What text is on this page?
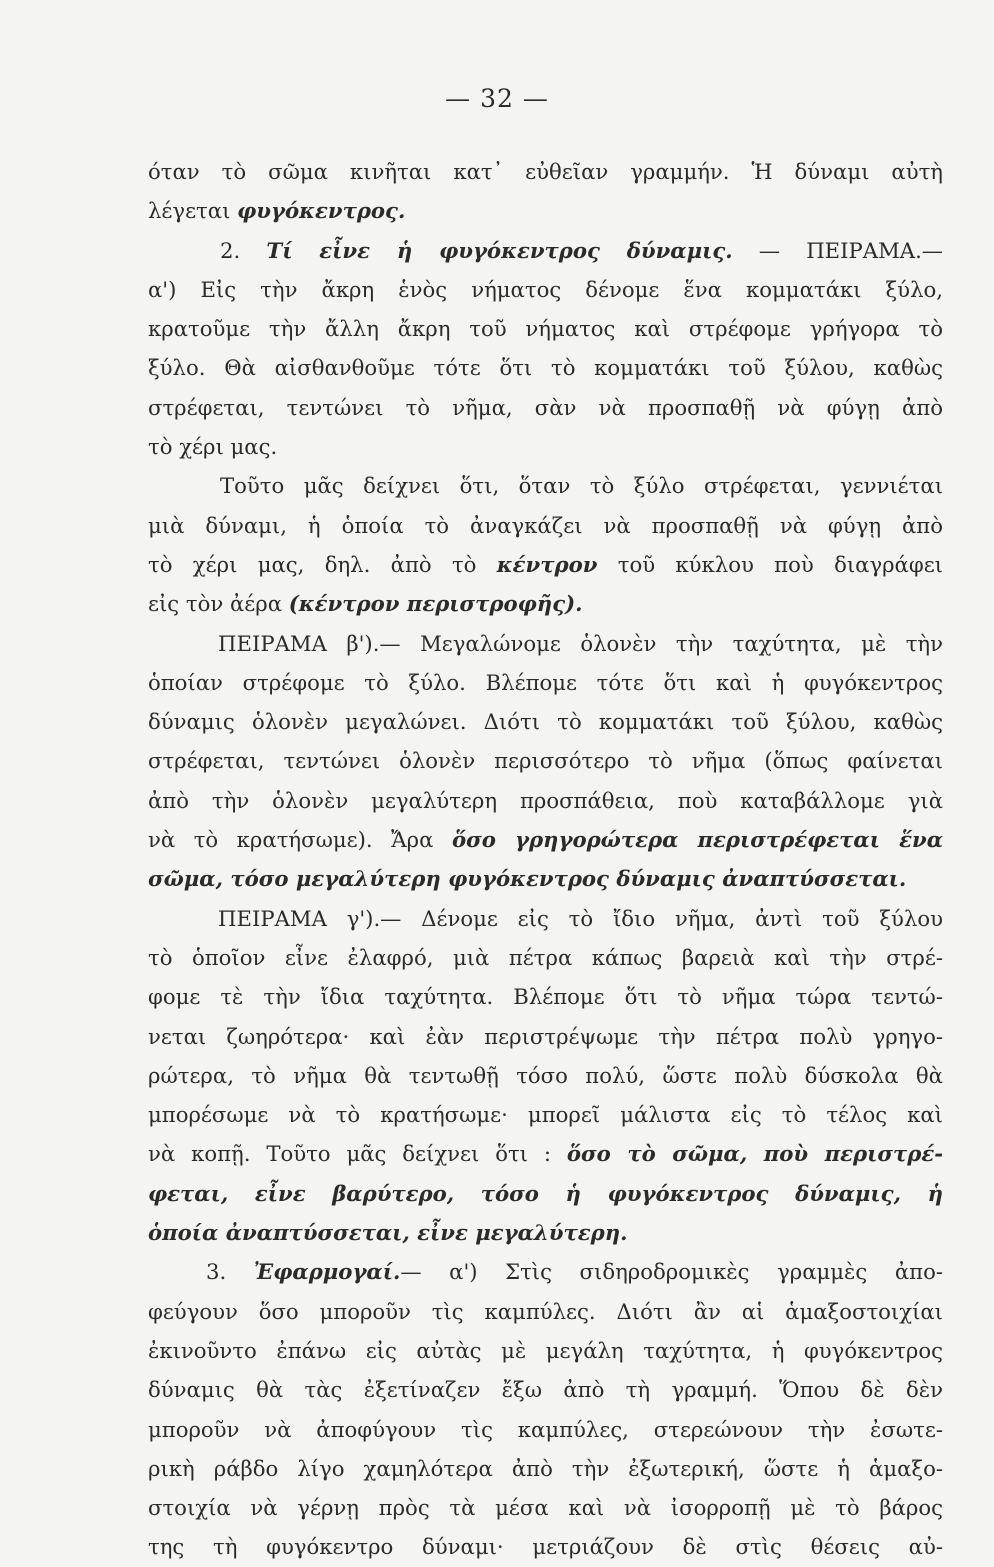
— 32 —
όταν τὸ σῶμα κινῆται κατ᾽ εὐθεῖαν γραμμήν. Ἡ δύναμι αὐτὴ
λέγεται φυγόκεντρος.
2. Τί εἶνε ἡ φυγόκεντρος δύναμις. — ΠΕΙΡΑΜΑ.—
α') Εἰς τὴν ἄκρη ἑνὸς νήματος δένομε ἕνα κομματάκι ξύλο,
κρατοῦμε τὴν ἄλλη ἄκρη τοῦ νήματος καὶ στρέφομε γρήγορα τὸ
ξύλο. Θὰ αἰσθανθοῦμε τότε ὅτι τὸ κομματάκι τοῦ ξύλου, καθὼς
στρέφεται, τεντώνει τὸ νῆμα, σὰν νὰ προσπαθῇ νὰ φύγῃ ἀπὸ
τὸ χέρι μας.
Τοῦτο μᾶς δείχνει ὅτι, ὅταν τὸ ξύλο στρέφεται, γεννιέται
μιὰ δύναμι, ἡ ὁποία τὸ ἀναγκάζει νὰ προσπαθῇ νὰ φύγῃ ἀπὸ
τὸ χέρι μας, δηλ. ἀπὸ τὸ κέντρον τοῦ κύκλου ποὺ διαγράφει
εἰς τὸν ἀέρα (κέντρον περιστροφῆς).
ΠΕΙΡΑΜΑ β').— Μεγαλώνομε ὁλονὲν τὴν ταχύτητα, μὲ τὴν
ὁποίαν στρέφομε τὸ ξύλο. Βλέπομε τότε ὅτι καὶ ἡ φυγόκεντρος
δύναμις ὁλονὲν μεγαλώνει. Διότι τὸ κομματάκι τοῦ ξύλου, καθὼς
στρέφεται, τεντώνει ὁλονὲν περισσότερο τὸ νῆμα (ὅπως φαίνεται
ἀπὸ τὴν ὁλονὲν μεγαλύτερη προσπάθεια, ποὺ καταβάλλομε γιὰ
νὰ τὸ κρατήσωμε). Ἄρα ὅσο γρηγορώτερα περιστρέφεται ἕνα
σῶμα, τόσο μεγαλύτερη φυγόκεντρος δύναμις ἀναπτύσσεται.
ΠΕΙΡΑΜΑ γ').— Δένομε εἰς τὸ ἴδιο νῆμα, ἀντὶ τοῦ ξύλου
τὸ ὁποῖον εἶνε ἐλαφρό, μιὰ πέτρα κάπως βαρειὰ καὶ τὴν στρέ-
φομε τὲ τὴν ἴδια ταχύτητα. Βλέπομε ὅτι τὸ νῆμα τώρα τεντώ-
νεται ζωηρότερα· καὶ ἐὰν περιστρέψωμε τὴν πέτρα πολὺ γρηγο-
ρώτερα, τὸ νῆμα θὰ τεντωθῇ τόσο πολύ, ὥστε πολὺ δύσκολα θὰ
μπορέσωμε νὰ τὸ κρατήσωμε· μπορεῖ μάλιστα εἰς τὸ τέλος καὶ
νὰ κοπῇ. Τοῦτο μᾶς δείχνει ὅτι : ὅσο τὸ σῶμα, ποὺ περιστρέ-
φεται, εἶνε βαρύτερο, τόσο ἡ φυγόκεντρος δύναμις, ἡ
ὁποία ἀναπτύσσεται, εἶνε μεγαλύτερη.
3. Ἐφαρμογαί.— α') Στὶς σιδηροδρομικὲς γραμμὲς ἀπο-
φεύγουν ὅσο μποροῦν τὶς καμπύλες. Διότι ἂν αἱ ἁμαξοστοιχίαι
ἐκινοῦντο ἐπάνω εἰς αὐτὰς μὲ μεγάλη ταχύτητα, ἡ φυγόκεντρος
δύναμις θὰ τὰς ἐξετίναζεν ἔξω ἀπὸ τὴ γραμμή. Ὅπου δὲ δὲν
μποροῦν νὰ ἀποφύγουν τὶς καμπύλες, στερεώνουν τὴν ἐσωτε-
ρικὴ ράβδο λίγο χαμηλότερα ἀπὸ τὴν ἐξωτερική, ὥστε ἡ ἁμαξο-
στοιχία νὰ γέρνῃ πρὸς τὰ μέσα καὶ νὰ ἰσορροπῇ μὲ τὸ βάρος
της τὴ φυγόκεντρο δύναμι· μετριάζουν δὲ στὶς θέσεις αὐ-
